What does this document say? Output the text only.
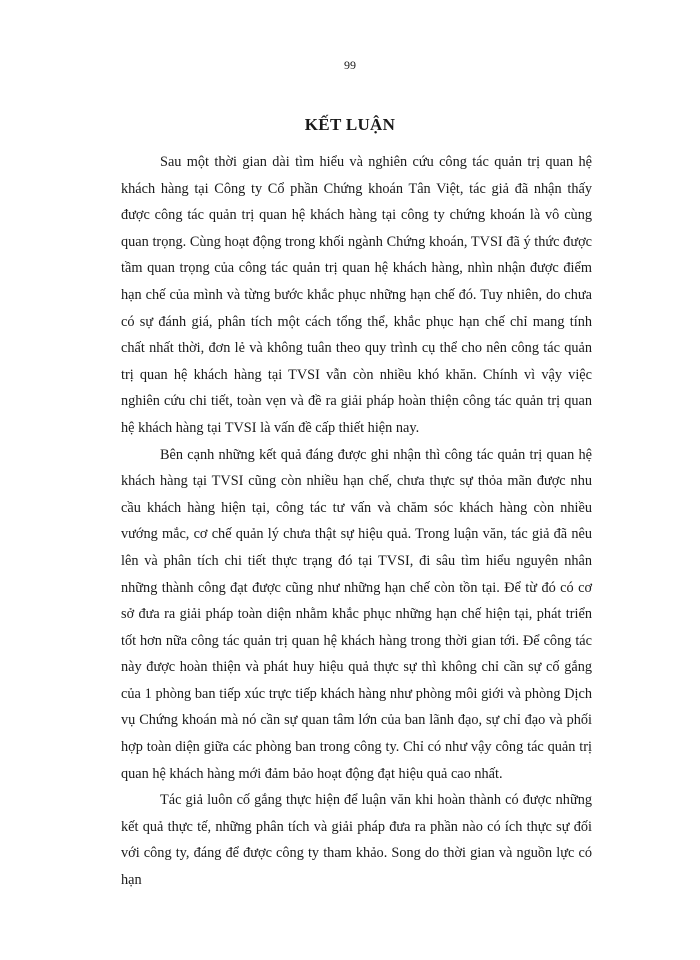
99
KẾT LUẬN

Sau một thời gian dài tìm hiểu và nghiên cứu công tác quản trị quan hệ khách hàng tại Công ty Cổ phần Chứng khoán Tân Việt, tác giả đã nhận thấy được công tác quản trị quan hệ khách hàng tại công ty chứng khoán là vô cùng quan trọng. Cùng hoạt động trong khối ngành Chứng khoán, TVSI đã ý thức được tầm quan trọng của công tác quản trị quan hệ khách hàng, nhìn nhận được điểm hạn chế của mình và từng bước khắc phục những hạn chế đó. Tuy nhiên, do chưa có sự đánh giá, phân tích một cách tổng thể, khắc phục hạn chế chỉ mang tính chất nhất thời, đơn lẻ và không tuân theo quy trình cụ thể cho nên công tác quản trị quan hệ khách hàng tại TVSI vẫn còn nhiều khó khăn. Chính vì vậy việc nghiên cứu chi tiết, toàn vẹn và đề ra giải pháp hoàn thiện công tác quản trị quan hệ khách hàng tại TVSI là vấn đề cấp thiết hiện nay.

Bên cạnh những kết quả đáng được ghi nhận thì công tác quản trị quan hệ khách hàng tại TVSI cũng còn nhiều hạn chế, chưa thực sự thỏa mãn được nhu cầu khách hàng hiện tại, công tác tư vấn và chăm sóc khách hàng còn nhiều vướng mắc, cơ chế quản lý chưa thật sự hiệu quả. Trong luận văn, tác giả đã nêu lên và phân tích chi tiết thực trạng đó tại TVSI, đi sâu tìm hiểu nguyên nhân những thành công đạt được cũng như những hạn chế còn tồn tại. Để từ đó có cơ sở đưa ra giải pháp toàn diện nhằm khắc phục những hạn chế hiện tại, phát triển tốt hơn nữa công tác quản trị quan hệ khách hàng trong thời gian tới. Để công tác này được hoàn thiện và phát huy hiệu quả thực sự thì không chỉ cần sự cố gắng của 1 phòng ban tiếp xúc trực tiếp khách hàng như phòng môi giới và phòng Dịch vụ Chứng khoán mà nó cần sự quan tâm lớn của ban lãnh đạo, sự chỉ đạo và phối hợp toàn diện giữa các phòng ban trong công ty. Chỉ có như vậy công tác quản trị quan hệ khách hàng mới đảm bảo hoạt động đạt hiệu quả cao nhất.

Tác giả luôn cố gắng thực hiện để luận văn khi hoàn thành có được những kết quả thực tế, những phân tích và giải pháp đưa ra phần nào có ích thực sự đối với công ty, đáng để được công ty tham khảo. Song do thời gian và nguồn lực có hạn
